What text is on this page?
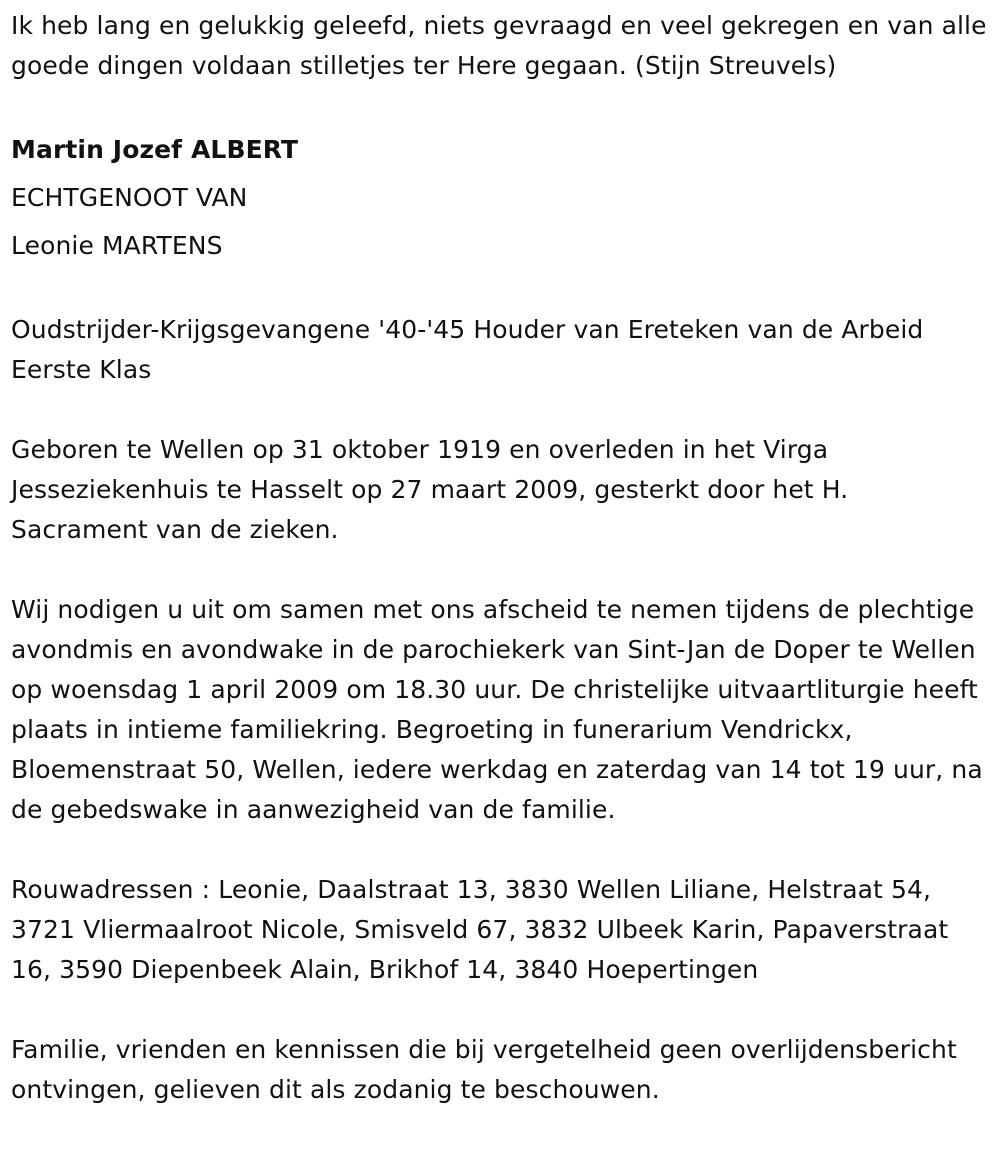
Ik heb lang en gelukkig geleefd, niets gevraagd en veel gekregen en van alle goede dingen voldaan stilletjes ter Here gegaan. (Stijn Streuvels)

Martin Jozef ALBERT

ECHTGENOOT VAN

Leonie MARTENS

Oudstrijder-Krijgsgevangene '40-'45 Houder van Ereteken van de Arbeid Eerste Klas

Geboren te Wellen op 31 oktober 1919 en overleden in het Virga Jesseziekenhuis te Hasselt op 27 maart 2009, gesterkt door het H. Sacrament van de zieken.

Wij nodigen u uit om samen met ons afscheid te nemen tijdens de plechtige avondmis en avondwake in de parochiekerk van Sint-Jan de Doper te Wellen op woensdag 1 april 2009 om 18.30 uur. De christelijke uitvaartliturgie heeft plaats in intieme familiekring. Begroeting in funerarium Vendrickx, Bloemenstraat 50, Wellen, iedere werkdag en zaterdag van 14 tot 19 uur, na de gebedswake in aanwezigheid van de familie.

Rouwadressen : Leonie, Daalstraat 13, 3830 Wellen Liliane, Helstraat 54, 3721 Vliermaalroot Nicole, Smisveld 67, 3832 Ulbeek Karin, Papaverstraat 16, 3590 Diepenbeek Alain, Brikhof 14, 3840 Hoepertingen

Familie, vrienden en kennissen die bij vergetelheid geen overlijdensbericht ontvingen, gelieven dit als zodanig te beschouwen.
